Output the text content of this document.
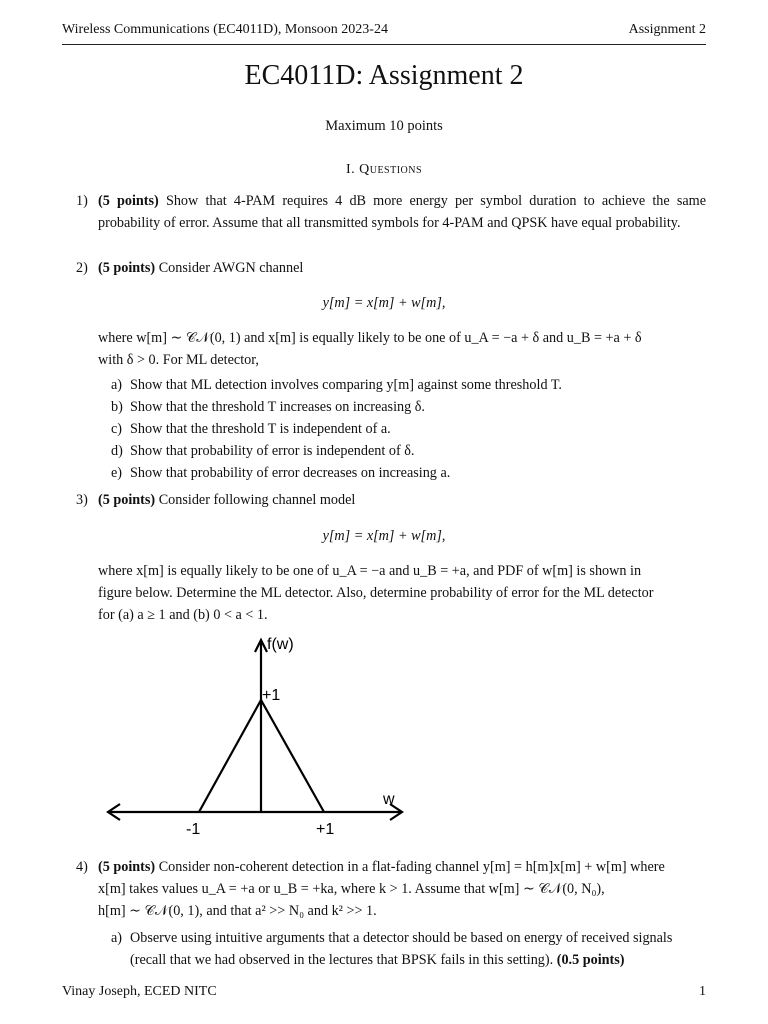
Wireless Communications (EC4011D), Monsoon 2023-24	Assignment 2
EC4011D: Assignment 2
Maximum 10 points
I. Questions
1) (5 points) Show that 4-PAM requires 4 dB more energy per symbol duration to achieve the same probability of error. Assume that all transmitted symbols for 4-PAM and QPSK have equal probability.
2) (5 points) Consider AWGN channel
y[m] = x[m] + w[m],
where w[m] ∼ 𝒞𝒩(0, 1) and x[m] is equally likely to be one of u_A = −a + δ and u_B = +a + δ
with δ > 0. For ML detector,
a) Show that ML detection involves comparing y[m] against some threshold T.
b) Show that the threshold T increases on increasing δ.
c) Show that the threshold T is independent of a.
d) Show that probability of error is independent of δ.
e) Show that probability of error decreases on increasing a.
3) (5 points) Consider following channel model
y[m] = x[m] + w[m],
where x[m] is equally likely to be one of u_A = −a and u_B = +a, and PDF of w[m] is shown in
figure below. Determine the ML detector. Also, determine probability of error for the ML detector
for (a) a ≥ 1 and (b) 0 < a < 1.
f(w)
+1
w
-1	+1
4) (5 points) Consider non-coherent detection in a flat-fading channel y[m] = h[m]x[m] + w[m] where
x[m] takes values u_A = +a or u_B = +ka, where k > 1. Assume that w[m] ∼ 𝒞𝒩(0, N₀),
h[m] ∼ 𝒞𝒩(0, 1), and that a² >> N₀ and k² >> 1.
a) Observe using intuitive arguments that a detector should be based on energy of received signals
(recall that we had observed in the lectures that BPSK fails in this setting). (0.5 points)
Vinay Joseph, ECED NITC	1
